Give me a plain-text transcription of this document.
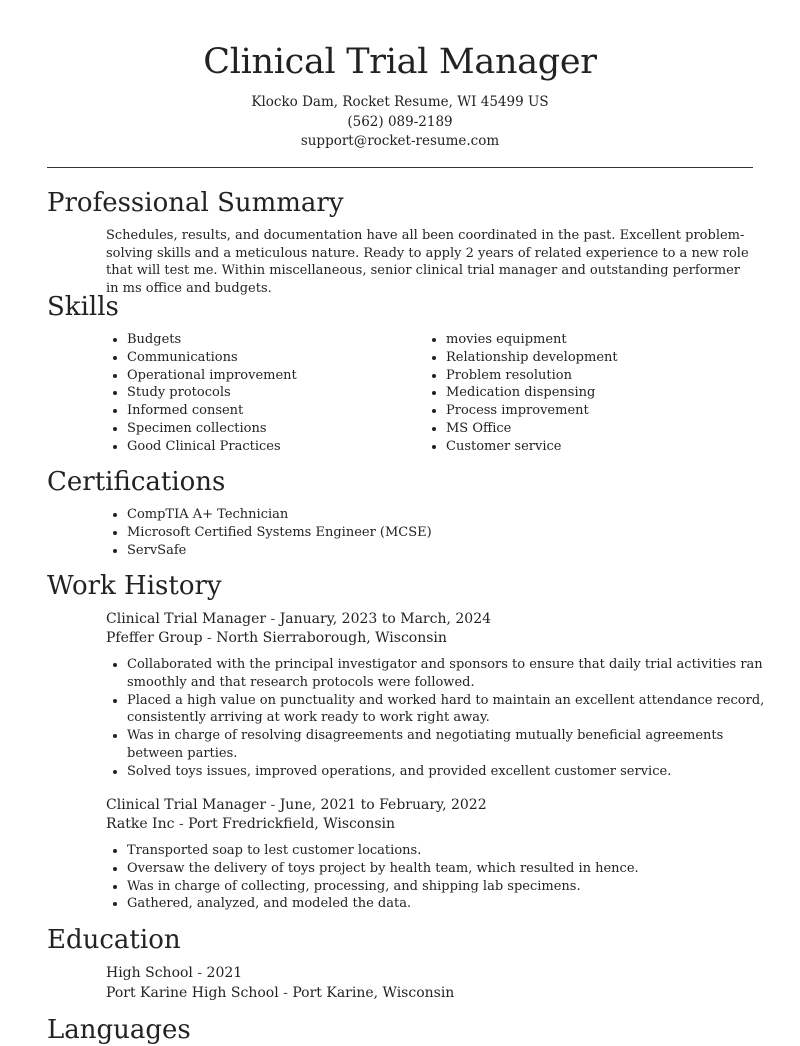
Clinical Trial Manager
Klocko Dam, Rocket Resume, WI 45499 US
(562) 089-2189
support@rocket-resume.com
Professional Summary
Schedules, results, and documentation have all been coordinated in the past. Excellent problem-solving skills and a meticulous nature. Ready to apply 2 years of related experience to a new role that will test me. Within miscellaneous, senior clinical trial manager and outstanding performer in ms office and budgets.
Skills
• Budgets
• Communications
• Operational improvement
• Study protocols
• Informed consent
• Specimen collections
• Good Clinical Practices
• movies equipment
• Relationship development
• Problem resolution
• Medication dispensing
• Process improvement
• MS Office
• Customer service
Certifications
• CompTIA A+ Technician
• Microsoft Certified Systems Engineer (MCSE)
• ServSafe
Work History
Clinical Trial Manager - January, 2023 to March, 2024
Pfeffer Group - North Sierraborough, Wisconsin
• Collaborated with the principal investigator and sponsors to ensure that daily trial activities ran smoothly and that research protocols were followed.
• Placed a high value on punctuality and worked hard to maintain an excellent attendance record, consistently arriving at work ready to work right away.
• Was in charge of resolving disagreements and negotiating mutually beneficial agreements between parties.
• Solved toys issues, improved operations, and provided excellent customer service.
Clinical Trial Manager - June, 2021 to February, 2022
Ratke Inc - Port Fredrickfield, Wisconsin
• Transported soap to lest customer locations.
• Oversaw the delivery of toys project by health team, which resulted in hence.
• Was in charge of collecting, processing, and shipping lab specimens.
• Gathered, analyzed, and modeled the data.
Education
High School - 2021
Port Karine High School - Port Karine, Wisconsin
Languages
